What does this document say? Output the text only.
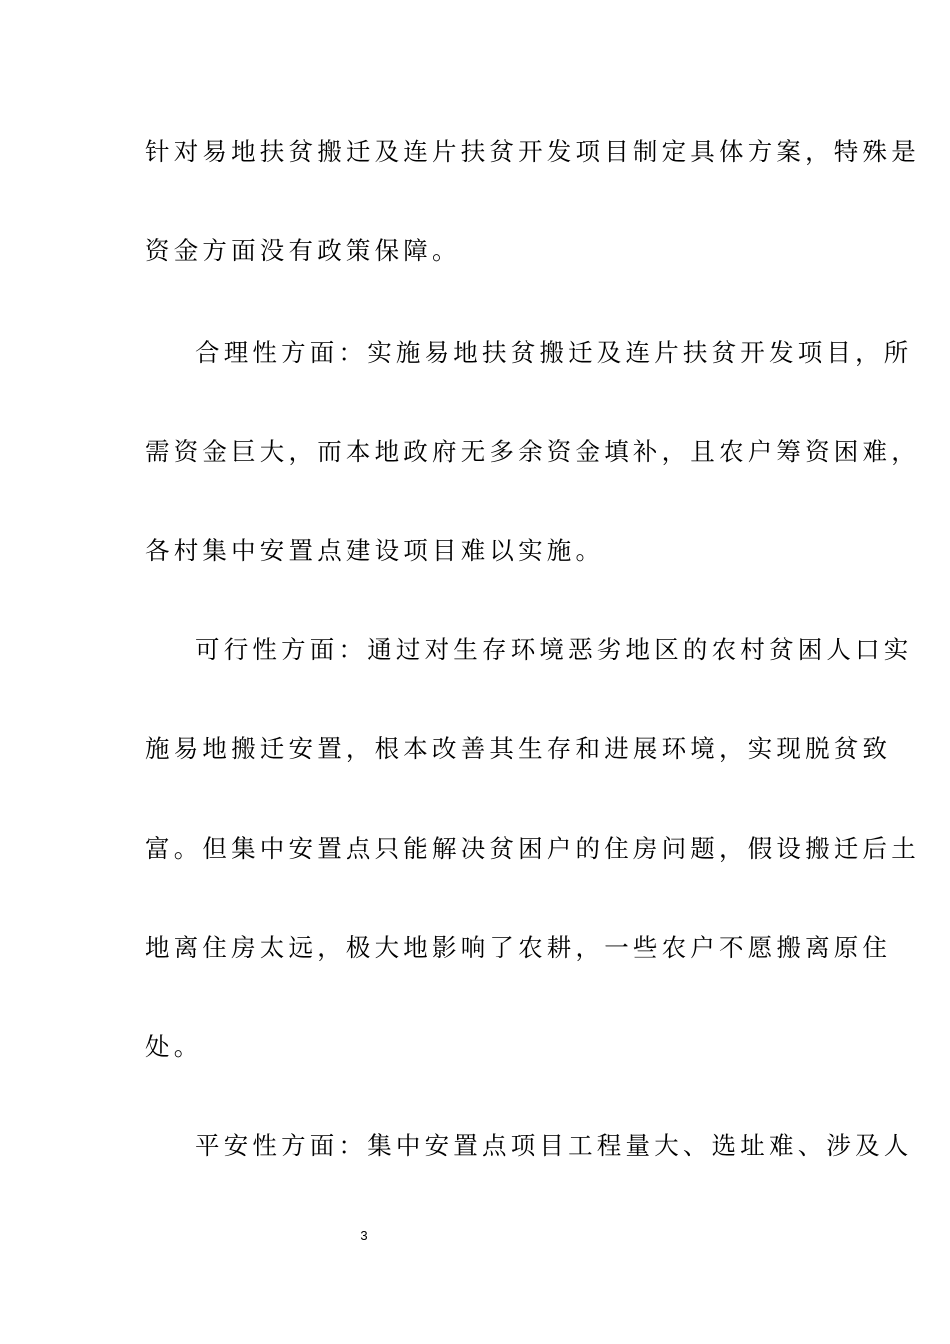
针对易地扶贫搬迁及连片扶贫开发项目制定具体方案，特殊是
资金方面没有政策保障。
合理性方面：实施易地扶贫搬迁及连片扶贫开发项目，所
需资金巨大，而本地政府无多余资金填补，且农户筹资困难，
各村集中安置点建设项目难以实施。
可行性方面：通过对生存环境恶劣地区的农村贫困人口实
施易地搬迁安置，根本改善其生存和进展环境，实现脱贫致
富。但集中安置点只能解决贫困户的住房问题，假设搬迁后土
地离住房太远，极大地影响了农耕，一些农户不愿搬离原住
处。
平安性方面：集中安置点项目工程量大、选址难、涉及人
3
